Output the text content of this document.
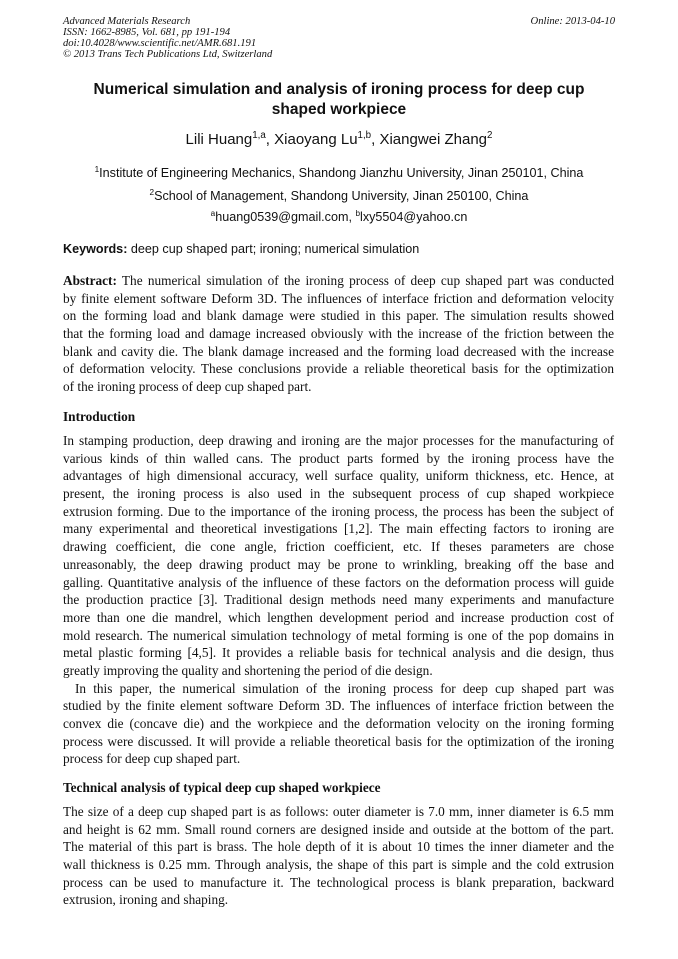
Advanced Materials Research
ISSN: 1662-8985, Vol. 681, pp 191-194
doi:10.4028/www.scientific.net/AMR.681.191
© 2013 Trans Tech Publications Ltd, Switzerland
Online: 2013-04-10
Numerical simulation and analysis of ironing process for deep cup
shaped workpiece
Lili Huang$^{1,a}$, Xiaoyang Lu$^{1,b}$, Xiangwei Zhang$^2$
$^1$Institute of Engineering Mechanics, Shandong Jianzhu University, Jinan 250101, China
$^2$School of Management, Shandong University, Jinan 250100, China
$^a$huang0539@gmail.com, $^b$lxy5504@yahoo.cn
Keywords: deep cup shaped part; ironing; numerical simulation
Abstract: The numerical simulation of the ironing process of deep cup shaped part was conducted
by finite element software Deform 3D. The influences of interface friction and deformation velocity
on the forming load and blank damage were studied in this paper. The simulation results showed
that the forming load and damage increased obviously with the increase of the friction between the
blank and cavity die. The blank damage increased and the forming load decreased with the increase
of deformation velocity. These conclusions provide a reliable theoretical basis for the optimization
of the ironing process of deep cup shaped part.
Introduction
In stamping production, deep drawing and ironing are the major processes for the manufacturing of
various kinds of thin walled cans. The product parts formed by the ironing process have the
advantages of high dimensional accuracy, well surface quality, uniform thickness, etc. Hence, at
present, the ironing process is also used in the subsequent process of cup shaped workpiece
extrusion forming. Due to the importance of the ironing process, the process has been the subject of
many experimental and theoretical investigations [1,2]. The main effecting factors to ironing are
drawing coefficient, die cone angle, friction coefficient, etc. If theses parameters are chose
unreasonably, the deep drawing product may be prone to wrinkling, breaking off the base and
galling. Quantitative analysis of the influence of these factors on the deformation process will guide
the production practice [3]. Traditional design methods need many experiments and manufacture
more than one die mandrel, which lengthen development period and increase production cost of
mold research. The numerical simulation technology of metal forming is one of the pop domains in
metal plastic forming [4,5]. It provides a reliable basis for technical analysis and die design, thus
greatly improving the quality and shortening the period of die design.
In this paper, the numerical simulation of the ironing process for deep cup shaped part was
studied by the finite element software Deform 3D. The influences of interface friction between the
convex die (concave die) and the workpiece and the deformation velocity on the ironing forming
process were discussed. It will provide a reliable theoretical basis for the optimization of the ironing
process for deep cup shaped part.
Technical analysis of typical deep cup shaped workpiece
The size of a deep cup shaped part is as follows: outer diameter is 7.0 mm, inner diameter is 6.5 mm
and height is 62 mm. Small round corners are designed inside and outside at the bottom of the part.
The material of this part is brass. The hole depth of it is about 10 times the inner diameter and the
wall thickness is 0.25 mm. Through analysis, the shape of this part is simple and the cold extrusion
process can be used to manufacture it. The technological process is blank preparation, backward
extrusion, ironing and shaping.
